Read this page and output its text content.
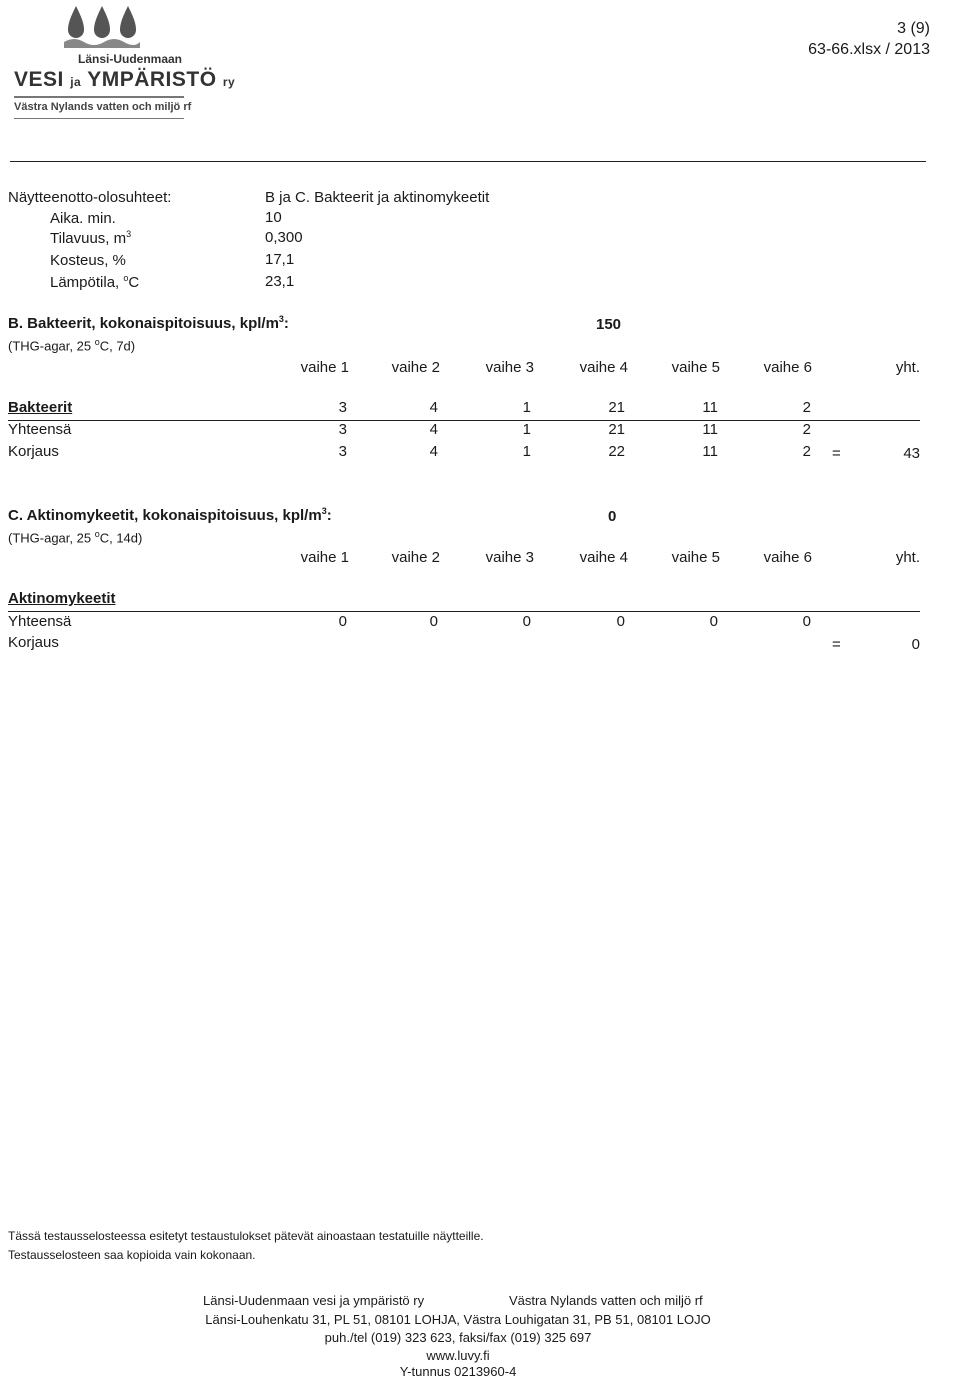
Länsi-Uudenmaan
VESI ja YMPÄRISTÖ ry
Västra Nylands vatten och miljö rf
3 (9)
63-66.xlsx / 2013
Näytteenotto-olosuhteet:	B ja C. Bakteerit ja aktinomykeetit
Aika. min.	10
Tilavuus, $m^3$	0,300
Kosteus, %	17,1
Lämpötila, $^o$C	23,1
B. Bakteerit, kokonaispitoisuus, kpl/$m^3$:	150
(THG-agar, 25 $^o$C, 7d)
vaihe 1	vaihe 2	vaihe 3	vaihe 4	vaihe 5	vaihe 6	yht.
Bakteerit	3	4	1	21	11	2
Yhteensä	3	4	1	21	11	2
Korjaus	3	4	1	22	11	2 =	43
C. Aktinomykeetit, kokonaispitoisuus, kpl/$m^3$:	0
(THG-agar, 25 $^o$C, 14d)
vaihe 1	vaihe 2	vaihe 3	vaihe 4	vaihe 5	vaihe 6	yht.
Aktinomykeetit
Yhteensä	0	0	0	0	0	0
Korjaus	=	0
Tässä testausselosteessa esitetyt testaustulokset pätevät ainoastaan testatuille näytteille.
Testausselosteen saa kopioida vain kokonaan.
Länsi-Uudenmaan vesi ja ympäristö ry	Västra Nylands vatten och miljö rf
Länsi-Louhenkatu 31, PL 51, 08101 LOHJA, Västra Louhigatan 31, PB 51, 08101 LOJO
puh./tel (019) 323 623, faksi/fax (019) 325 697
www.luvy.fi
Y-tunnus 0213960-4
